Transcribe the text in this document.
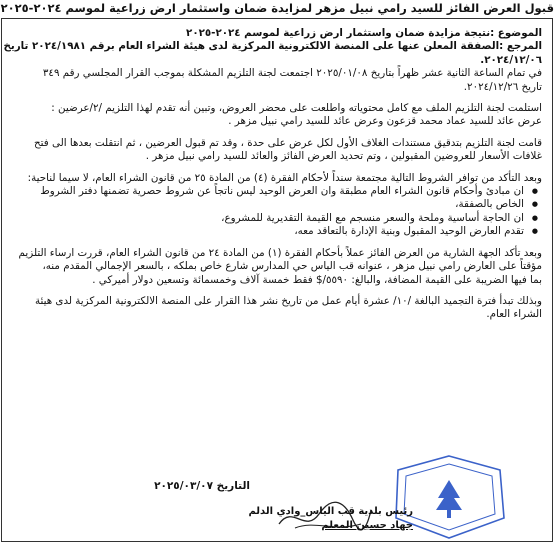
قبول العرض الفائز للسيد رامي نبيل مزهر لمزايدة ضمان واستثمار ارض زراعية لموسم ٢٠٢٤-٢٠٢٥
الموضوع :نتيجة مزايدة ضمان واستثمار ارض زراعية لموسم ٢٠٢٤-٢٠٢٥
المرجع :الصفقة المعلن عنها على المنصة الالكترونية المركزية لدى هيئة الشراء العام برقم ٢٠٢٤/١٩٨١ تاريخ
٢٠٢٤/١٢/٠٦.
في تمام الساعة الثانية عشر ظهراً بتاريخ ٢٠٢٥/٠١/٠٨ اجتمعت لجنة التلزيم المشكلة بموجب القرار المجلسي رقم ٣٤٩
تاريخ ٢٠٢٤/١٢/٢٦.
استلمت لجنة التلزيم الملف مع كامل محتوياته واطلعت على محضر العروض، وتبين أنه تقدم لهذا التلزيم /٢/عرضين :
عرض عائد للسيد عماد محمد قزعون وعرض عائد للسيد رامي نبيل مزهر .
قامت لجنة التلزيم بتدقيق مستندات الغلاف الأول لكل عرض على حدة ، وقد تم قبول العرضين ، ثم انتقلت بعدها الى فتح
غلافات الأسعار للعروضين المقبولين ، وتم تحديد العرض الفائز والعائد للسيد رامي نبيل مزهر .
وبعد التأكد من توافر الشروط التالية مجتمعة سنداً لأحكام الفقرة (٤) من المادة ٢٥ من قانون الشراء العام، لا سيما لناحية:
● ان مبادئ وأحكام قانون الشراء العام مطبقة وان العرض الوحيد ليس ناتجاً عن شروط حصرية تضمنها دفتر الشروط
● الخاص بالصفقة،
● ان الحاجة أساسية وملحة والسعر منسجم مع القيمة التقديرية للمشروع،
● تقدم العارض الوحيد المقبول وبنية الإدارة بالتعاقد معه،
وبعد تأكد الجهة الشارية من العرض الفائز عملاً بأحكام الفقرة (١) من المادة ٢٤ من قانون الشراء العام، قررت ارساء التلزيم
مؤقتاً على العارض رامي نبيل مزهر ، عنوانه قب الياس حي المدارس شارع خاص بملكه ، بالسعر الإجمالي المقدم منه،
بما فيها الضريبة على القيمة المضافة، والبالغ: ٥٥٩٠/$ فقط خمسة آلاف وخمسمائة وتسعين دولار أميركي .
وبذلك تبدأ فترة التجميد البالغة /١٠/ عشرة أيام عمل من تاريخ نشر هذا القرار على المنصة الالكترونية المركزية لدى هيئة
الشراء العام.
التاريخ ٢٠٢٥/٠٣/٠٧
رئيس بلدية قب الياس_وادي الدلم
جهاد حسين المعلم
